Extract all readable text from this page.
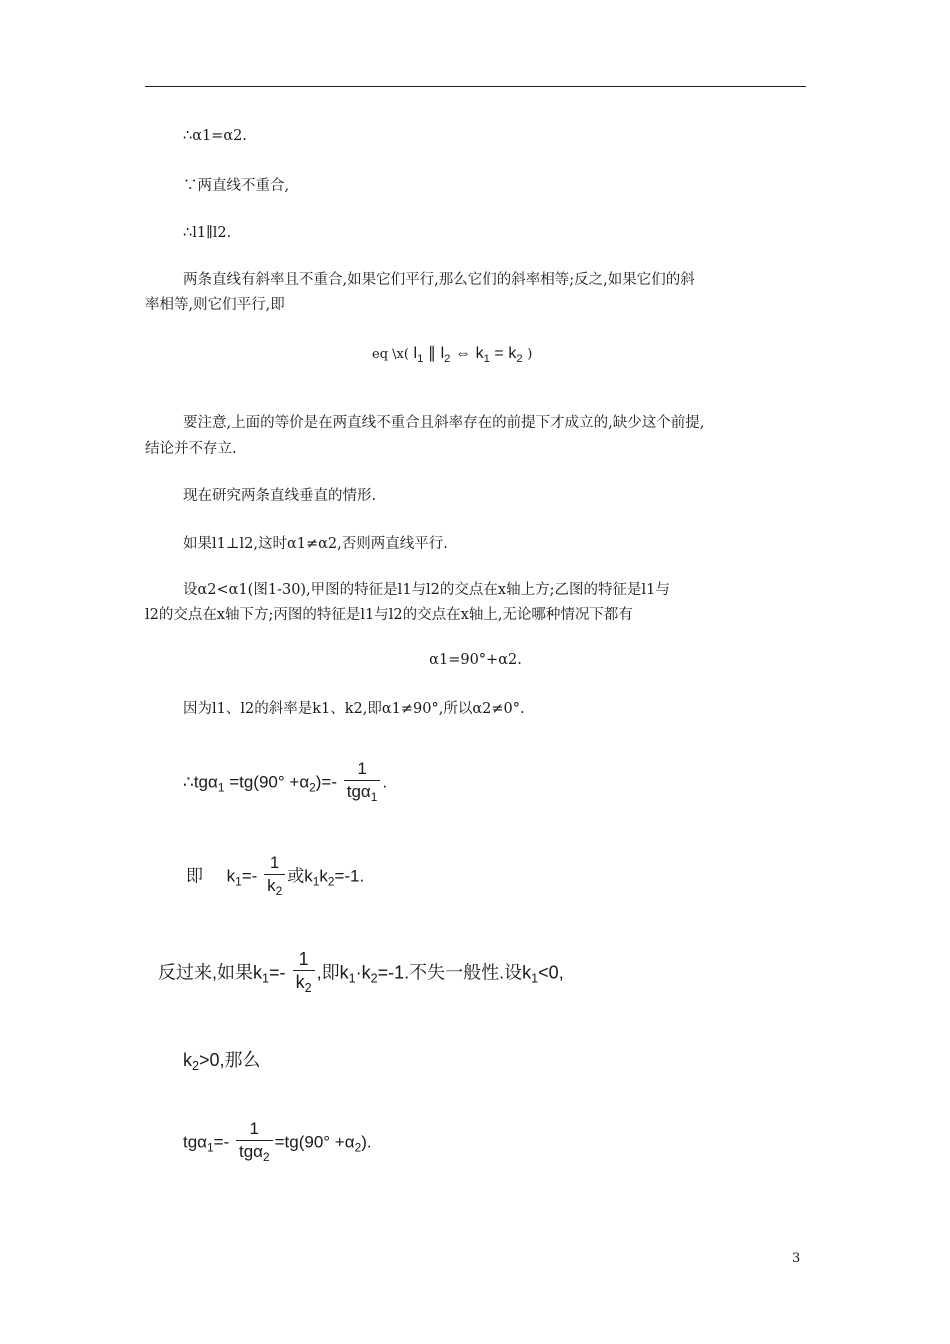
∴α1=α2.
∵两直线不重合,
∴l1∥l2.
两条直线有斜率且不重合,如果它们平行,那么它们的斜率相等;反之,如果它们的斜
率相等,则它们平行,即
eq \x( $l_1$ ∥ $l_2$ ⇔ $k_1 = k_2$ )
要注意,上面的等价是在两直线不重合且斜率存在的前提下才成立的,缺少这个前提,
结论并不存立.
现在研究两条直线垂直的情形.
如果l1⊥l2,这时α1≠α2,否则两直线平行.
设α2<α1(图1-30),甲图的特征是l1与l2的交点在x轴上方;乙图的特征是l1与
l2的交点在x轴下方;丙图的特征是l1与l2的交点在x轴上,无论哪种情况下都有
α1=90°+α2.
因为l1、l2的斜率是k1、k2,即α1≠90°,所以α2≠0°.
∴tgα$_1$ $=tg(90^\circ +\alpha_2)=- \frac{1}{tg\alpha_1}$ .
即 $k_1=- \frac{1}{k_2}$ 或$k_1k_2=-1$.
反过来,如果$k_1=- \frac{1}{k_2}$ ,即$k_1\cdot k_2=-1$.不失一般性.设$k_1<0$,
$k_2>0$,那么
$tg\alpha_1=- \frac{1}{tg\alpha_2} =tg(90^\circ +\alpha_2)$.
3
